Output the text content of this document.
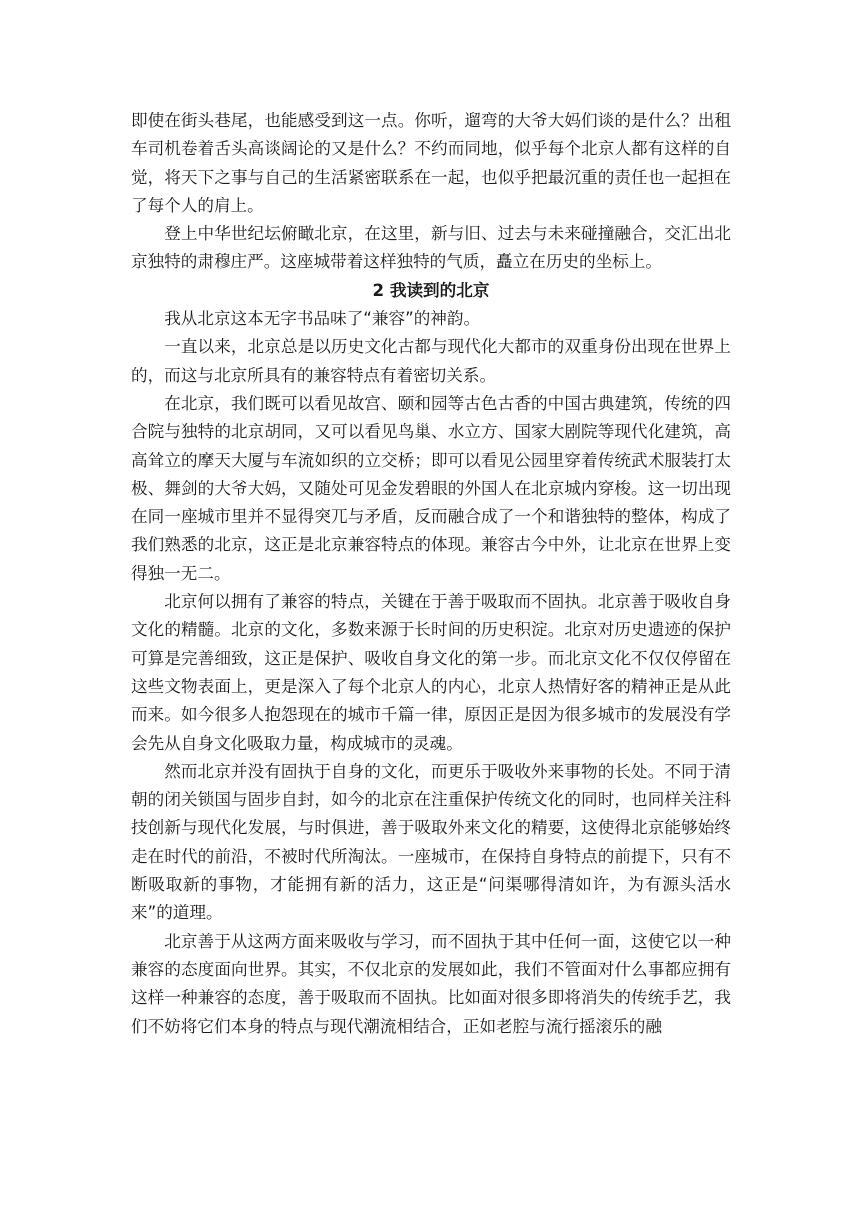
即使在街头巷尾，也能感受到这一点。你听，遛弯的大爷大妈们谈的是什么？出租车司机卷着舌头高谈阔论的又是什么？不约而同地，似乎每个北京人都有这样的自觉，将天下之事与自己的生活紧密联系在一起，也似乎把最沉重的责任也一起担在了每个人的肩上。

登上中华世纪坛俯瞰北京，在这里，新与旧、过去与未来碰撞融合，交汇出北京独特的肃穆庄严。这座城带着这样独特的气质，矗立在历史的坐标上。

2 我读到的北京

我从北京这本无字书品味了“兼容”的神韵。

一直以来，北京总是以历史文化古都与现代化大都市的双重身份出现在世界上的，而这与北京所具有的兼容特点有着密切关系。

在北京，我们既可以看见故宫、颐和园等古色古香的中国古典建筑，传统的四合院与独特的北京胡同，又可以看见鸟巢、水立方、国家大剧院等现代化建筑，高高耸立的摩天大厦与车流如织的立交桥；即可以看见公园里穿着传统武术服装打太极、舞剑的大爷大妈，又随处可见金发碧眼的外国人在北京城内穿梭。这一切出现在同一座城市里并不显得突兀与矛盾，反而融合成了一个和谐独特的整体，构成了我们熟悉的北京，这正是北京兼容特点的体现。兼容古今中外，让北京在世界上变得独一无二。

北京何以拥有了兼容的特点，关键在于善于吸取而不固执。北京善于吸收自身文化的精髓。北京的文化，多数来源于长时间的历史积淀。北京对历史遗迹的保护可算是完善细致，这正是保护、吸收自身文化的第一步。而北京文化不仅仅停留在这些文物表面上，更是深入了每个北京人的内心，北京人热情好客的精神正是从此而来。如今很多人抱怨现在的城市千篇一律，原因正是因为很多城市的发展没有学会先从自身文化吸取力量，构成城市的灵魂。

然而北京并没有固执于自身的文化，而更乐于吸收外来事物的长处。不同于清朝的闭关锁国与固步自封，如今的北京在注重保护传统文化的同时，也同样关注科技创新与现代化发展，与时俱进，善于吸取外来文化的精要，这使得北京能够始终走在时代的前沿，不被时代所淘汰。一座城市，在保持自身特点的前提下，只有不断吸取新的事物，才能拥有新的活力，这正是“问渠哪得清如许，为有源头活水来”的道理。

北京善于从这两方面来吸收与学习，而不固执于其中任何一面，这使它以一种兼容的态度面向世界。其实，不仅北京的发展如此，我们不管面对什么事都应拥有这样一种兼容的态度，善于吸取而不固执。比如面对很多即将消失的传统手艺，我们不妨将它们本身的特点与现代潮流相结合，正如老腔与流行摇滚乐的融
